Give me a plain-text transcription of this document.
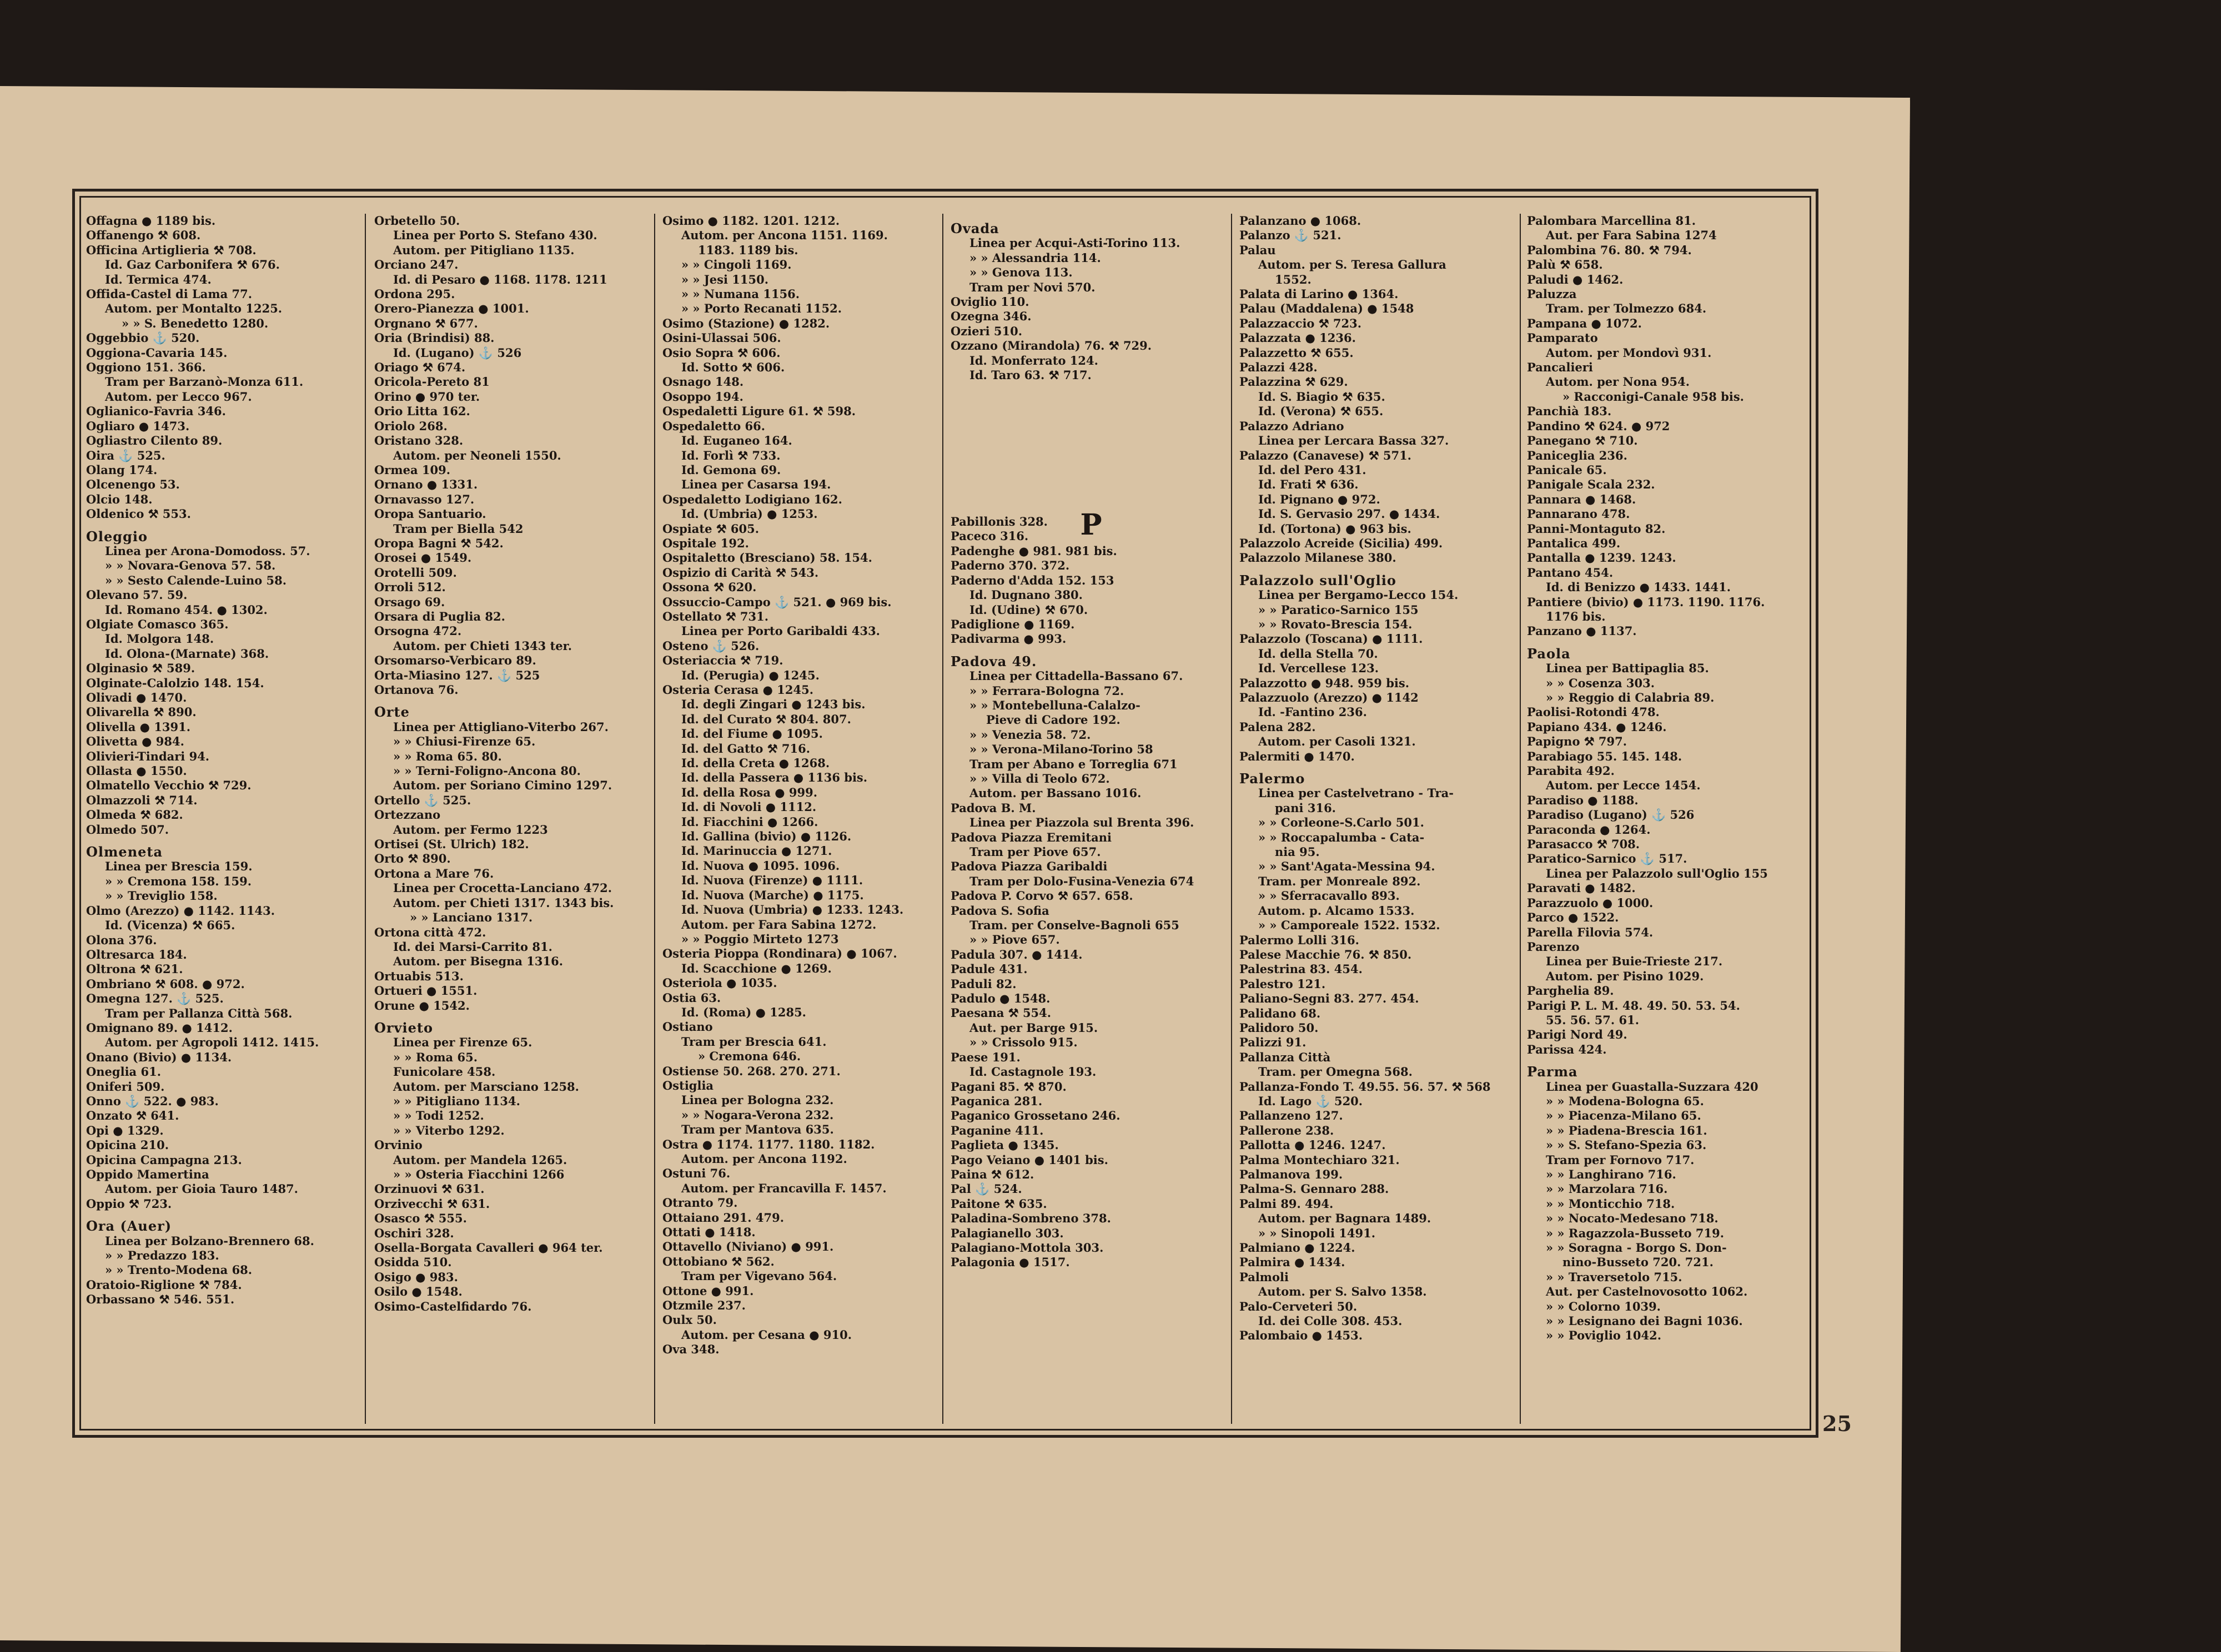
Offagna ● 1189 bis.
Offanengo ⚒ 608.
Officina Artiglieria ⚒ 708.
Id. Gaz Carbonifera ⚒ 676.
Id. Termica 474.
Offida-Castel di Lama 77.
Autom. per Montalto 1225.
» » S. Benedetto 1280.
Oggebbio ⚓ 520.
Oggiona-Cavaria 145.
Oggiono 151. 366.
Tram per Barzanò-Monza 611.
Autom. per Lecco 967.
Oglianico-Favria 346.
Ogliaro ● 1473.
Ogliastro Cilento 89.
Oira ⚓ 525.
Olang 174.
Olcenengo 53.
Olcio 148.
Oldenico ⚒ 553.
Oleggio
Linea per Arona-Domodoss. 57.
» » Novara-Genova 57. 58.
» » Sesto Calende-Luino 58.
Olevano 57. 59.
Id. Romano 454. ● 1302.
Olgiate Comasco 365.
Id. Molgora 148.
Id. Olona-(Marnate) 368.
Olginasio ⚒ 589.
Olginate-Calolzio 148. 154.
Olivadi ● 1470.
Olivarella ⚒ 890.
Olivella ● 1391.
Olivetta ● 984.
Olivieri-Tindari 94.
Ollasta ● 1550.
Olmatello Vecchio ⚒ 729.
Olmazzoli ⚒ 714.
Olmeda ⚒ 682.
Olmedo 507.
Olmeneta
Linea per Brescia 159.
» » Cremona 158. 159.
» » Treviglio 158.
Olmo (Arezzo) ● 1142. 1143.
Id. (Vicenza) ⚒ 665.
Olona 376.
Oltresarca 184.
Oltrona ⚒ 621.
Ombriano ⚒ 608. ● 972.
Omegna 127. ⚓ 525.
Tram per Pallanza Città 568.
Omignano 89. ● 1412.
Autom. per Agropoli 1412. 1415.
Onano (Bivio) ● 1134.
Oneglia 61.
Oniferi 509.
Onno ⚓ 522. ● 983.
Onzato ⚒ 641.
Opi ● 1329.
Opicina 210.
Opicina Campagna 213.
Oppido Mamertina
Autom. per Gioia Tauro 1487.
Oppio ⚒ 723.
Ora (Auer)
Linea per Bolzano-Brennero 68.
» » Predazzo 183.
» » Trento-Modena 68.
Oratoio-Riglione ⚒ 784.
Orbassano ⚒ 546. 551.
Orbetello 50.
Linea per Porto S. Stefano 430.
Autom. per Pitigliano 1135.
Orciano 247.
Id. di Pesaro ● 1168. 1178. 1211
Ordona 295.
Orero-Pianezza ● 1001.
Orgnano ⚒ 677.
Oria (Brindisi) 88.
Id. (Lugano) ⚓ 526
Oriago ⚒ 674.
Oricola-Pereto 81
Orino ● 970 ter.
Orio Litta 162.
Oriolo 268.
Oristano 328.
Autom. per Neoneli 1550.
Ormea 109.
Ornano ● 1331.
Ornavasso 127.
Oropa Santuario.
Tram per Biella 542
Oropa Bagni ⚒ 542.
Orosei ● 1549.
Orotelli 509.
Orroli 512.
Orsago 69.
Orsara di Puglia 82.
Orsogna 472.
Autom. per Chieti 1343 ter.
Orsomarso-Verbicaro 89.
Orta-Miasino 127. ⚓ 525
Ortanova 76.
Orte
Linea per Attigliano-Viterbo 267.
» » Chiusi-Firenze 65.
» » Roma 65. 80.
» » Terni-Foligno-Ancona 80.
Autom. per Soriano Cimino 1297.
Ortello ⚓ 525.
Ortezzano
Autom. per Fermo 1223
Ortisei (St. Ulrich) 182.
Orto ⚒ 890.
Ortona a Mare 76.
Linea per Crocetta-Lanciano 472.
Autom. per Chieti 1317. 1343 bis.
» » Lanciano 1317.
Ortona città 472.
Id. dei Marsi-Carrito 81.
Autom. per Bisegna 1316.
Ortuabis 513.
Ortueri ● 1551.
Orune ● 1542.
Orvieto
Linea per Firenze 65.
» » Roma 65.
Funicolare 458.
Autom. per Marsciano 1258.
» » Pitigliano 1134.
» » Todi 1252.
» » Viterbo 1292.
Orvinio
Autom. per Mandela 1265.
» » Osteria Fiacchini 1266
Orzinuovi ⚒ 631.
Orzivecchi ⚒ 631.
Osasco ⚒ 555.
Oschiri 328.
Osella-Borgata Cavalleri ● 964 ter.
Osidda 510.
Osigo ● 983.
Osilo ● 1548.
Osimo-Castelfidardo 76.
Osimo ● 1182. 1201. 1212.
Autom. per Ancona 1151. 1169.
1183. 1189 bis.
» » Cingoli 1169.
» » Jesi 1150.
» » Numana 1156.
» » Porto Recanati 1152.
Osimo (Stazione) ● 1282.
Osini-Ulassai 506.
Osio Sopra ⚒ 606.
Id. Sotto ⚒ 606.
Osnago 148.
Osoppo 194.
Ospedaletti Ligure 61. ⚒ 598.
Ospedaletto 66.
Id. Euganeo 164.
Id. Forlì ⚒ 733.
Id. Gemona 69.
Linea per Casarsa 194.
Ospedaletto Lodigiano 162.
Id. (Umbria) ● 1253.
Ospiate ⚒ 605.
Ospitale 192.
Ospitaletto (Bresciano) 58. 154.
Ospizio di Carità ⚒ 543.
Ossona ⚒ 620.
Ossuccio-Campo ⚓ 521. ● 969 bis.
Ostellato ⚒ 731.
Linea per Porto Garibaldi 433.
Osteno ⚓ 526.
Osteriaccia ⚒ 719.
Id. (Perugia) ● 1245.
Osteria Cerasa ● 1245.
Id. degli Zingari ● 1243 bis.
Id. del Curato ⚒ 804. 807.
Id. del Fiume ● 1095.
Id. del Gatto ⚒ 716.
Id. della Creta ● 1268.
Id. della Passera ● 1136 bis.
Id. della Rosa ● 999.
Id. di Novoli ● 1112.
Id. Fiacchini ● 1266.
Id. Gallina (bivio) ● 1126.
Id. Marinuccia ● 1271.
Id. Nuova ● 1095. 1096.
Id. Nuova (Firenze) ● 1111.
Id. Nuova (Marche) ● 1175.
Id. Nuova (Umbria) ● 1233. 1243.
Autom. per Fara Sabina 1272.
» » Poggio Mirteto 1273
Osteria Pioppa (Rondinara) ● 1067.
Id. Scacchione ● 1269.
Osteriola ● 1035.
Ostia 63.
Id. (Roma) ● 1285.
Ostiano
Tram per Brescia 641.
» Cremona 646.
Ostiense 50. 268. 270. 271.
Ostiglia
Linea per Bologna 232.
» » Nogara-Verona 232.
Tram per Mantova 635.
Ostra ● 1174. 1177. 1180. 1182.
Autom. per Ancona 1192.
Ostuni 76.
Autom. per Francavilla F. 1457.
Otranto 79.
Ottaiano 291. 479.
Ottati ● 1418.
Ottavello (Niviano) ● 991.
Ottobiano ⚒ 562.
Tram per Vigevano 564.
Ottone ● 991.
Otzmile 237.
Oulx 50.
Autom. per Cesana ● 910.
Ova 348.
Ovada
Linea per Acqui-Asti-Torino 113.
» » Alessandria 114.
» » Genova 113.
Tram per Novi 570.
Oviglio 110.
Ozegna 346.
Ozieri 510.
Ozzano (Mirandola) 76. ⚒ 729.
Id. Monferrato 124.
Id. Taro 63. ⚒ 717.
Pabillonis 328.
Paceco 316.
Padenghe ● 981. 981 bis.
Paderno 370. 372.
Paderno d'Adda 152. 153
Id. Dugnano 380.
Id. (Udine) ⚒ 670.
Padiglione ● 1169.
Padivarma ● 993.
Padova 49.
Linea per Cittadella-Bassano 67.
» » Ferrara-Bologna 72.
» » Montebelluna-Calalzo-
Pieve di Cadore 192.
» » Venezia 58. 72.
» » Verona-Milano-Torino 58
Tram per Abano e Torreglia 671
» » Villa di Teolo 672.
Autom. per Bassano 1016.
Padova B. M.
Linea per Piazzola sul Brenta 396.
Padova Piazza Eremitani
Tram per Piove 657.
Padova Piazza Garibaldi
Tram per Dolo-Fusina-Venezia 674
Padova P. Corvo ⚒ 657. 658.
Padova S. Sofia
Tram. per Conselve-Bagnoli 655
» » Piove 657.
Padula 307. ● 1414.
Padule 431.
Paduli 82.
Padulo ● 1548.
Paesana ⚒ 554.
Aut. per Barge 915.
» » Crissolo 915.
Paese 191.
Id. Castagnole 193.
Pagani 85. ⚒ 870.
Paganica 281.
Paganico Grossetano 246.
Paganine 411.
Paglieta ● 1345.
Pago Veiano ● 1401 bis.
Paina ⚒ 612.
Pal ⚓ 524.
Paitone ⚒ 635.
Paladina-Sombreno 378.
Palagianello 303.
Palagiano-Mottola 303.
Palagonia ● 1517.
Palanzano ● 1068.
Palanzo ⚓ 521.
Palau
Autom. per S. Teresa Gallura
1552.
Palata di Larino ● 1364.
Palau (Maddalena) ● 1548
Palazzaccio ⚒ 723.
Palazzata ● 1236.
Palazzetto ⚒ 655.
Palazzi 428.
Palazzina ⚒ 629.
Id. S. Biagio ⚒ 635.
Id. (Verona) ⚒ 655.
Palazzo Adriano
Linea per Lercara Bassa 327.
Palazzo (Canavese) ⚒ 571.
Id. del Pero 431.
Id. Frati ⚒ 636.
Id. Pignano ● 972.
Id. S. Gervasio 297. ● 1434.
Id. (Tortona) ● 963 bis.
Palazzolo Acreide (Sicilia) 499.
Palazzolo Milanese 380.
Palazzolo sull'Oglio
Linea per Bergamo-Lecco 154.
» » Paratico-Sarnico 155
» » Rovato-Brescia 154.
Palazzolo (Toscana) ● 1111.
Id. della Stella 70.
Id. Vercellese 123.
Palazzotto ● 948. 959 bis.
Palazzuolo (Arezzo) ● 1142
Id. -Fantino 236.
Palena 282.
Autom. per Casoli 1321.
Palermiti ● 1470.
Palermo
Linea per Castelvetrano - Tra-
pani 316.
» » Corleone-S.Carlo 501.
» » Roccapalumba - Cata-
nia 95.
» » Sant'Agata-Messina 94.
Tram. per Monreale 892.
» » Sferracavallo 893.
Autom. p. Alcamo 1533.
» » Camporeale 1522. 1532.
Palermo Lolli 316.
Palese Macchie 76. ⚒ 850.
Palestrina 83. 454.
Palestro 121.
Paliano-Segni 83. 277. 454.
Palidano 68.
Palidoro 50.
Palizzi 91.
Pallanza Città
Tram. per Omegna 568.
Pallanza-Fondo T. 49.55. 56. 57. ⚒ 568
Id. Lago ⚓ 520.
Pallanzeno 127.
Pallerone 238.
Pallotta ● 1246. 1247.
Palma Montechiaro 321.
Palmanova 199.
Palma-S. Gennaro 288.
Palmi 89. 494.
Autom. per Bagnara 1489.
» » Sinopoli 1491.
Palmiano ● 1224.
Palmira ● 1434.
Palmoli
Autom. per S. Salvo 1358.
Palo-Cerveteri 50.
Id. dei Colle 308. 453.
Palombaio ● 1453.
Palombara Marcellina 81.
Aut. per Fara Sabina 1274
Palombina 76. 80. ⚒ 794.
Palù ⚒ 658.
Paludi ● 1462.
Paluzza
Tram. per Tolmezzo 684.
Pampana ● 1072.
Pamparato
Autom. per Mondovì 931.
Pancalieri
Autom. per Nona 954.
» Racconigi-Canale 958 bis.
Panchià 183.
Pandino ⚒ 624. ● 972
Panegano ⚒ 710.
Paniceglia 236.
Panicale 65.
Panigale Scala 232.
Pannara ● 1468.
Pannarano 478.
Panni-Montaguto 82.
Pantalica 499.
Pantalla ● 1239. 1243.
Pantano 454.
Id. di Benizzo ● 1433. 1441.
Pantiere (bivio) ● 1173. 1190. 1176.
1176 bis.
Panzano ● 1137.
Paola
Linea per Battipaglia 85.
» » Cosenza 303.
» » Reggio di Calabria 89.
Paolisi-Rotondi 478.
Papiano 434. ● 1246.
Papigno ⚒ 797.
Parabiago 55. 145. 148.
Parabita 492.
Autom. per Lecce 1454.
Paradiso ● 1188.
Paradiso (Lugano) ⚓ 526
Paraconda ● 1264.
Parasacco ⚒ 708.
Paratico-Sarnico ⚓ 517.
Linea per Palazzolo sull'Oglio 155
Paravati ● 1482.
Parazzuolo ● 1000.
Parco ● 1522.
Parella Filovia 574.
Parenzo
Linea per Buie-Trieste 217.
Autom. per Pisino 1029.
Parghelia 89.
Parigi P. L. M. 48. 49. 50. 53. 54.
55. 56. 57. 61.
Parigi Nord 49.
Parissa 424.
Parma
Linea per Guastalla-Suzzara 420
» » Modena-Bologna 65.
» » Piacenza-Milano 65.
» » Piadena-Brescia 161.
» » S. Stefano-Spezia 63.
Tram per Fornovo 717.
» » Langhirano 716.
» » Marzolara 716.
» » Monticchio 718.
» » Nocato-Medesano 718.
» » Ragazzola-Busseto 719.
» » Soragna - Borgo S. Don-
nino-Busseto 720. 721.
» » Traversetolo 715.
Aut. per Castelnovosotto 1062.
» » Colorno 1039.
» » Lesignano dei Bagni 1036.
» » Poviglio 1042.
P
25
